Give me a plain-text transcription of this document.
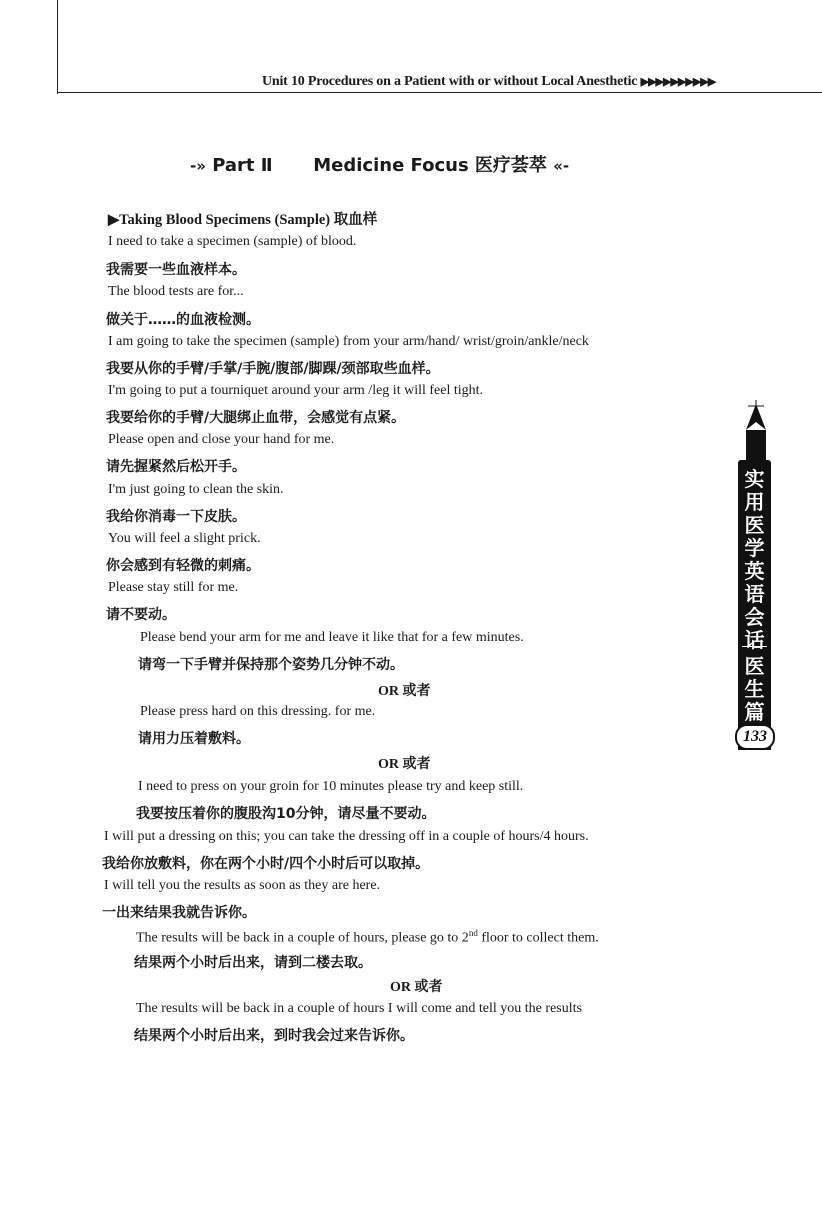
Unit 10 Procedures on a Patient with or without Local Anesthetic ▶▶▶▶▶▶▶▶▶▶
-» Part Ⅱ Medicine Focus 医疗荟萃 «-
▶Taking Blood Specimens (Sample) 取血样
I need to take a specimen (sample) of blood.
我需要一些血液样本。
The blood tests are for...
做关于……的血液检测。
I am going to take the specimen (sample) from your arm/hand/ wrist/groin/ankle/neck
我要从你的手臂/手掌/手腕/腹部/脚踝/颈部取些血样。
I'm going to put a tourniquet around your arm /leg it will feel tight.
我要给你的手臂/大腿绑止血带，会感觉有点紧。
Please open and close your hand for me.
请先握紧然后松开手。
I'm just going to clean the skin.
我给你消毒一下皮肤。
You will feel a slight prick.
你会感到有轻微的刺痛。
Please stay still for me.
请不要动。
Please bend your arm for me and leave it like that for a few minutes.
请弯一下手臂并保持那个姿势几分钟不动。
OR 或者
Please press hard on this dressing. for me.
请用力压着敷料。
OR 或者
I need to press on your groin for 10 minutes please try and keep still.
我要按压着你的腹股沟10分钟，请尽量不要动。
I will put a dressing on this; you can take the dressing off in a couple of hours/4 hours.
我给你放敷料，你在两个小时/四个小时后可以取掉。
I will tell you the results as soon as they are here.
一出来结果我就告诉你。
The results will be back in a couple of hours, please go to 2nd floor to collect them.
结果两个小时后出来，请到二楼去取。
OR 或者
The results will be back in a couple of hours I will come and tell you the results
结果两个小时后出来，到时我会过来告诉你。
实用医学英语会话
医生篇
133
